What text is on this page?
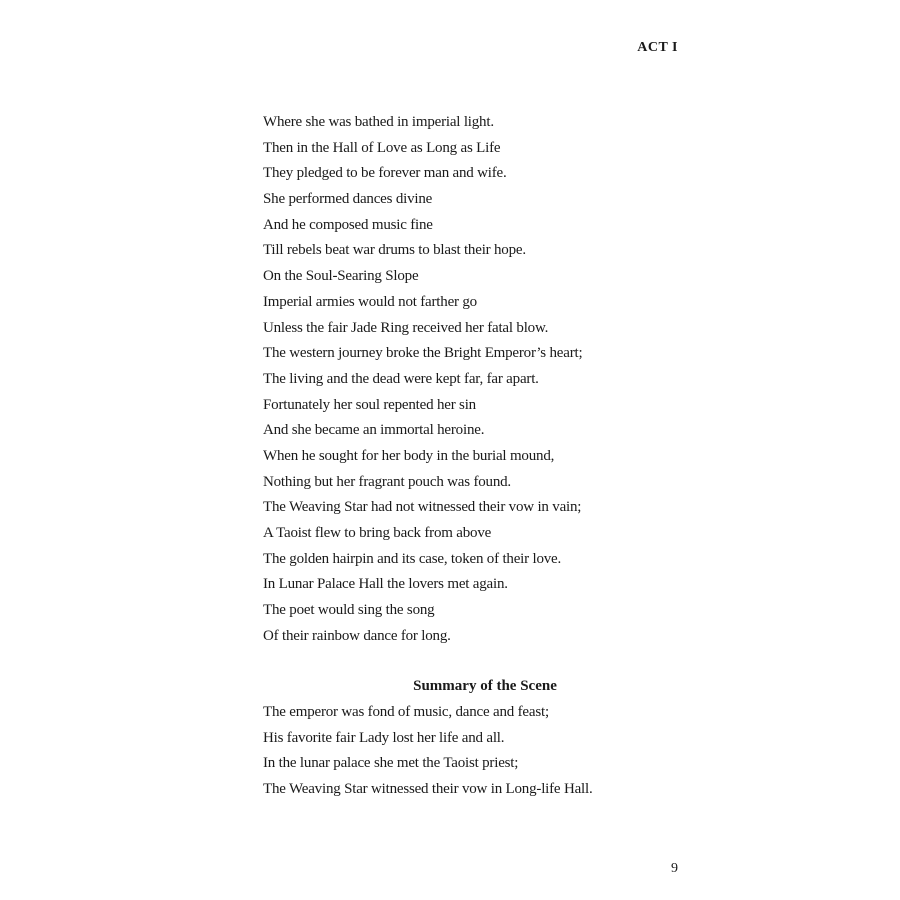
ACT I
Where she was bathed in imperial light.
Then in the Hall of Love as Long as Life
They pledged to be forever man and wife.
She performed dances divine
And he composed music fine
Till rebels beat war drums to blast their hope.
On the Soul-Searing Slope
Imperial armies would not farther go
Unless the fair Jade Ring received her fatal blow.
The western journey broke the Bright Emperor’s heart;
The living and the dead were kept far, far apart.
Fortunately her soul repented her sin
And she became an immortal heroine.
When he sought for her body in the burial mound,
Nothing but her fragrant pouch was found.
The Weaving Star had not witnessed their vow in vain;
A Taoist flew to bring back from above
The golden hairpin and its case, token of their love.
In Lunar Palace Hall the lovers met again.
The poet would sing the song
Of their rainbow dance for long.
Summary of the Scene
The emperor was fond of music, dance and feast;
His favorite fair Lady lost her life and all.
In the lunar palace she met the Taoist priest;
The Weaving Star witnessed their vow in Long-life Hall.
9
